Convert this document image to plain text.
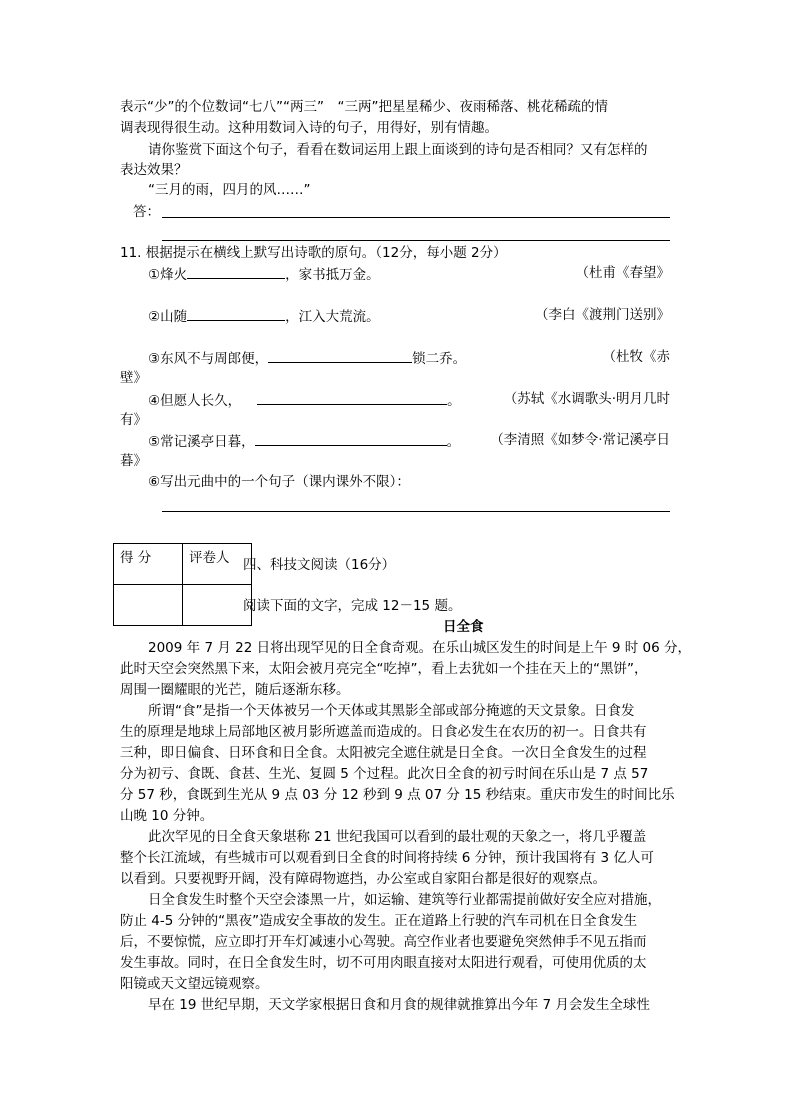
表示“少”的个位数词“七八”“两三”　“三两”把星星稀少、夜雨稀落、桃花稀疏的情
调表现得很生动。这种用数词入诗的句子，用得好，别有情趣。
请你鉴赏下面这个句子，看看在数词运用上跟上面谈到的诗句是否相同？又有怎样的
表达效果？
“三月的雨，四月的风……”
答：
11. 根据提示在横线上默写出诗歌的原句。（12分，每小题 2分）
①烽火	，家书抵万金。	（杜甫《春望》
②山随	，江入大荒流。	（李白《渡荆门送别》
③东风不与周郎便，	锁二乔。	（杜牧《赤
壁》
④但愿人长久，	。	（苏轼《水调歌头·明月几时
有》
⑤常记溪亭日暮，	。 （李清照《如梦令·常记溪亭日
暮》
⑥写出元曲中的一个句子（课内课外不限）：
得 分	评卷人
	四、科技文阅读（16分）
阅读下面的文字，完成 12－15 题。
日全食
2009 年 7 月 22 日将出现罕见的日全食奇观。在乐山城区发生的时间是上午 9 时 06 分，
此时天空会突然黑下来，太阳会被月亮完全“吃掉”，看上去犹如一个挂在天上的“黑饼”，
周围一圈耀眼的光芒，随后逐渐东移。
所谓“食”是指一个天体被另一个天体或其黑影全部或部分掩遮的天文景象。日食发
生的原理是地球上局部地区被月影所遮盖而造成的。日食必发生在农历的初一。日食共有
三种，即日偏食、日环食和日全食。太阳被完全遮住就是日全食。一次日全食发生的过程
分为初亏、食既、食甚、生光、复圆 5 个过程。此次日全食的初亏时间在乐山是 7 点 57
分 57 秒，食既到生光从 9 点 03 分 12 秒到 9 点 07 分 15 秒结束。重庆市发生的时间比乐
山晚 10 分钟。
此次罕见的日全食天象堪称 21 世纪我国可以看到的最壮观的天象之一，将几乎覆盖
整个长江流域，有些城市可以观看到日全食的时间将持续 6 分钟，预计我国将有 3 亿人可
以看到。只要视野开阔，没有障碍物遮挡，办公室或自家阳台都是很好的观察点。
日全食发生时整个天空会漆黑一片，如运输、建筑等行业都需提前做好安全应对措施，
防止 4-5 分钟的“黑夜”造成安全事故的发生。正在道路上行驶的汽车司机在日全食发生
后，不要惊慌，应立即打开车灯减速小心驾驶。高空作业者也要避免突然伸手不见五指而
发生事故。同时，在日全食发生时，切不可用肉眼直接对太阳进行观看，可使用优质的太
阳镜或天文望远镜观察。
早在 19 世纪早期，天文学家根据日食和月食的规律就推算出今年 7 月会发生全球性
